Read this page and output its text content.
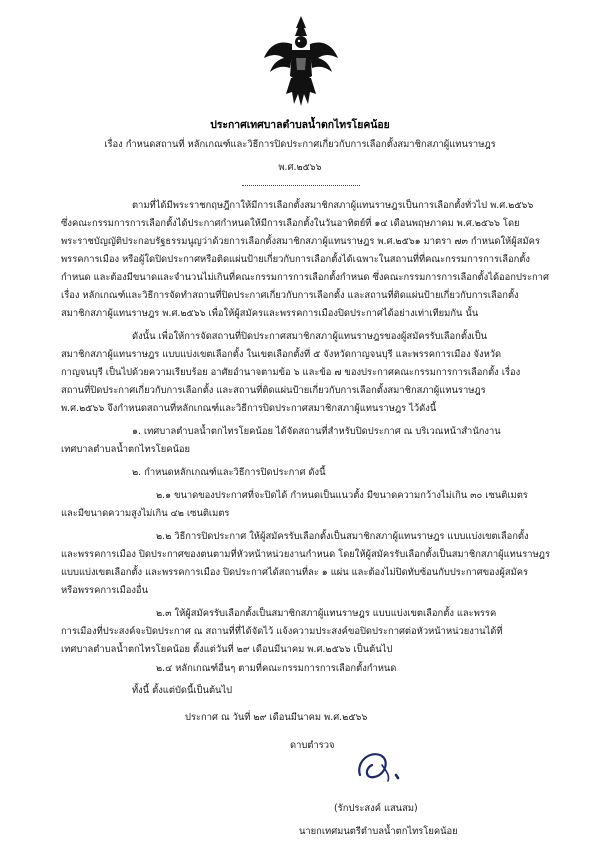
ประกาศเทศบาลตำบลน้ำตกไทรโยคน้อย
เรื่อง กำหนดสถานที่ หลักเกณฑ์และวิธีการปิดประกาศเกี่ยวกับการเลือกตั้งสมาชิกสภาผู้แทนราษฎร
พ.ศ.๒๕๖๖
ตามที่ได้มีพระราชกฤษฎีกาให้มีการเลือกตั้งสมาชิกสภาผู้แทนราษฎรเป็นการเลือกตั้งทั่วไป พ.ศ.๒๕๖๖
ซึ่งคณะกรรมการการเลือกตั้งได้ประกาศกำหนดให้มีการเลือกตั้งในวันอาทิตย์ที่ ๑๔ เดือนพฤษภาคม พ.ศ.๒๕๖๖ โดย
พระราชบัญญัติประกอบรัฐธรรมนูญว่าด้วยการเลือกตั้งสมาชิกสภาผู้แทนราษฎร พ.ศ.๒๕๖๑ มาตรา ๗๓ กำหนดให้ผู้สมัคร
พรรคการเมือง หรือผู้ใดปิดประกาศหรือติดแผ่นป้ายเกี่ยวกับการเลือกตั้งได้เฉพาะในสถานที่ที่คณะกรรมการการเลือกตั้ง
กำหนด และต้องมีขนาดและจำนวนไม่เกินที่คณะกรรมการการเลือกตั้งกำหนด ซึ่งคณะกรรมการการเลือกตั้งได้ออกประกาศ
เรื่อง หลักเกณฑ์และวิธีการจัดทำสถานที่ปิดประกาศเกี่ยวกับการเลือกตั้ง และสถานที่ติดแผ่นป้ายเกี่ยวกับการเลือกตั้ง
สมาชิกสภาผู้แทนราษฎร พ.ศ.๒๕๖๖ เพื่อให้ผู้สมัครและพรรคการเมืองปิดประกาศได้อย่างเท่าเทียมกัน นั้น
ดังนั้น เพื่อให้การจัดสถานที่ปิดประกาศสมาชิกสภาผู้แทนราษฎรของผู้สมัครรับเลือกตั้งเป็น
สมาชิกสภาผู้แทนราษฎร แบบแบ่งเขตเลือกตั้ง ในเขตเลือกตั้งที่ ๕ จังหวัดกาญจนบุรี และพรรคการเมือง จังหวัด
กาญจนบุรี เป็นไปด้วยความเรียบร้อย อาศัยอำนาจตามข้อ ๖ และข้อ ๗ ของประกาศคณะกรรมการการเลือกตั้ง เรื่อง
สถานที่ปิดประกาศเกี่ยวกับการเลือกตั้ง และสถานที่ติดแผ่นป้ายเกี่ยวกับการเลือกตั้งสมาชิกสภาผู้แทนราษฎร
พ.ศ.๒๕๖๖ จึงกำหนดสถานที่หลักเกณฑ์และวิธีการปิดประกาศสมาชิกสภาผู้แทนราษฎร ไว้ดังนี้
๑. เทศบาลตำบลน้ำตกไทรโยคน้อย ได้จัดสถานที่สำหรับปิดประกาศ ณ บริเวณหน้าสำนักงาน
เทศบาลตำบลน้ำตกไทรโยคน้อย
๒. กำหนดหลักเกณฑ์และวิธีการปิดประกาศ ดังนี้
๒.๑ ขนาดของประกาศที่จะปิดได้ กำหนดเป็นแนวตั้ง มีขนาดความกว้างไม่เกิน ๓๐ เซนติเมตร
และมีขนาดความสูงไม่เกิน ๔๒ เซนติเมตร
๒.๒ วิธีการปิดประกาศ ให้ผู้สมัครรับเลือกตั้งเป็นสมาชิกสภาผู้แทนราษฎร แบบแบ่งเขตเลือกตั้ง
และพรรคการเมือง ปิดประกาศของตนตามที่หัวหน้าหน่วยงานกำหนด โดยให้ผู้สมัครรับเลือกตั้งเป็นสมาชิกสภาผู้แทนราษฎร
แบบแบ่งเขตเลือกตั้ง และพรรคการเมือง ปิดประกาศได้สถานที่ละ ๑ แผ่น และต้องไม่ปิดทับซ้อนกับประกาศของผู้สมัคร
หรือพรรคการเมืองอื่น
๒.๓ ให้ผู้สมัครรับเลือกตั้งเป็นสมาชิกสภาผู้แทนราษฎร แบบแบ่งเขตเลือกตั้ง และพรรค
การเมืองที่ประสงค์จะปิดประกาศ ณ สถานที่ที่ได้จัดไว้ แจ้งความประสงค์ขอปิดประกาศต่อหัวหน้าหน่วยงานได้ที่
เทศบาลตำบลน้ำตกไทรโยคน้อย ตั้งแต่วันที่ ๒๙ เดือนมีนาคม พ.ศ.๒๕๖๖ เป็นต้นไป
๒.๔ หลักเกณฑ์อื่นๆ ตามที่คณะกรรมการการเลือกตั้งกำหนด
ทั้งนี้ ตั้งแต่บัดนี้เป็นต้นไป
ประกาศ ณ วันที่ ๒๙ เดือนมีนาคม พ.ศ.๒๕๖๖
ดาบตำรวจ
(รักประสงค์ แสนสม)
นายกเทศมนตรีตำบลน้ำตกไทรโยคน้อย
